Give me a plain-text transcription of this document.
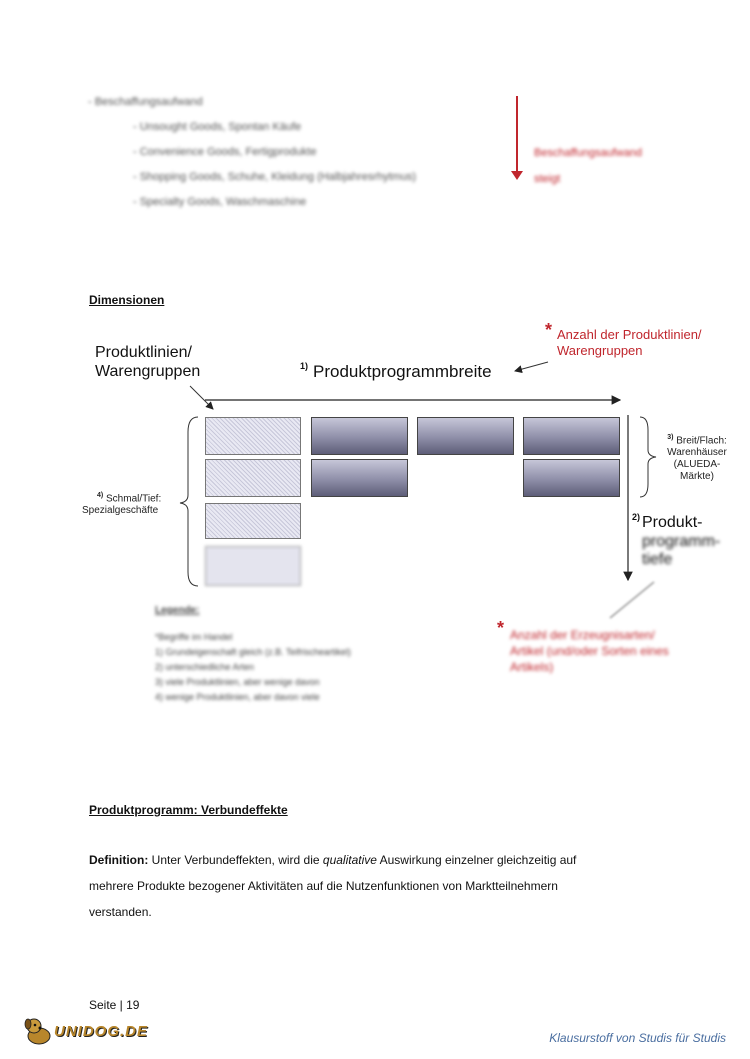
- Beschaffungsaufwand
- Unsought Goods, Spontan Käufe
- Convenience Goods, Fertigprodukte
- Shopping Goods, Schuhe, Kleidung (Halbjahresrhytmus)
- Specialty Goods, Waschmaschine
Beschaffungsaufwand
steigt
Dimensionen
Produktlinien/
Warengruppen	1) Produktprogrammbreite
* Anzahl der Produktlinien/
Warengruppen
$^{3)}$ Breit/Flach:
Warenhäuser
(ALUEDA-
Märkte)
$^{4)}$ Schmal/Tief:
Spezialgeschäfte
2) Produkt-
programm-
tiefe
* Anzahl der Erzeugnisarten/
Artikel (und/oder Sorten eines
Artikels)
Legende:
*Begriffe im Handel
1) Grundeigenschaft gleich (z.B. Teifrischeartikel)
2) unterschiedliche Arten
3) viele Produktlinien, aber wenige davon
4) wenige Produktlinien, aber davon viele
Produktprogramm: Verbundeffekte
Definition: Unter Verbundeffekten, wird die qualitative Auswirkung einzelner gleichzeitig auf
mehrere Produkte bezogener Aktivitäten auf die Nutzenfunktionen von Marktteilnehmern
verstanden.
Seite | 19
UNIDOG.DE	Klausurstoff von Studis für Studis
